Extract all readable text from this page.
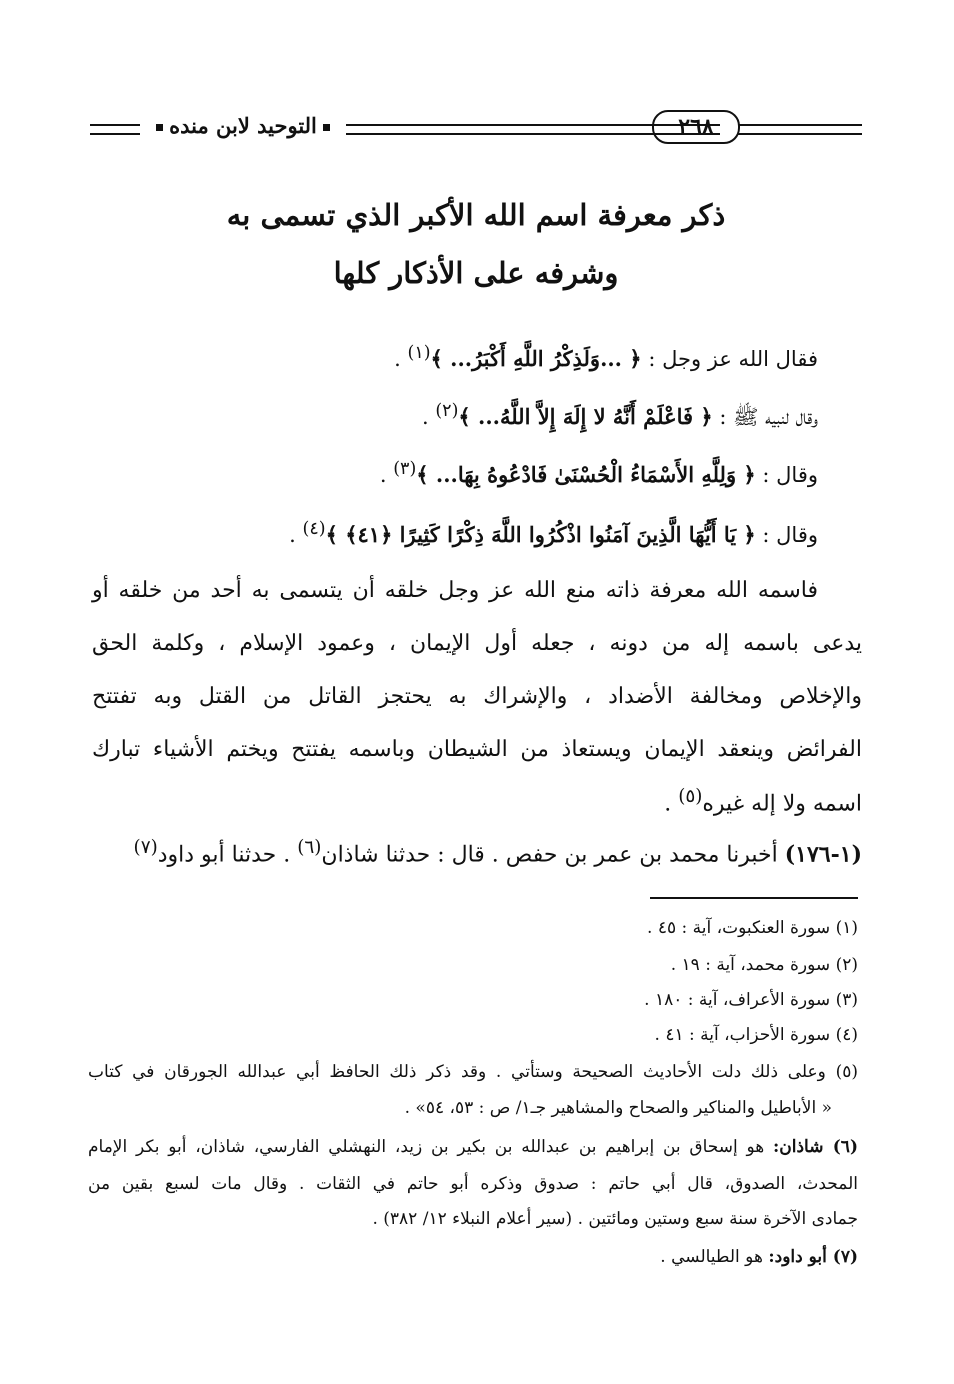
٢٦٨
التوحيد لابن منده
ذكر معرفة اسم الله الأكبر الذي تسمى به
وشرفه على الأذكار كلها
فقال الله عز وجل : ﴿ ...وَلَذِكْرُ اللَّهِ أَكْبَرُ... ﴾$^{(١)}$ .
وقال لنبيه ﷺ : ﴿ فَاعْلَمْ أَنَّهُ لا إِلَهَ إِلاَّ اللَّهُ... ﴾$^{(٢)}$ .
وقال : ﴿ وَلِلَّهِ الأَسْمَاءُ الْحُسْنَىٰ فَادْعُوهُ بِهَا... ﴾$^{(٣)}$ .
وقال : ﴿ يَا أَيُّهَا الَّذِينَ آمَنُوا اذْكُرُوا اللَّهَ ذِكْرًا كَثِيرًا ﴿٤١﴾ ﴾$^{(٤)}$ .
فاسمه الله معرفة ذاته منع الله عز وجل خلقه أن يتسمى به أحد من خلقه أو
يدعى باسمه إله من دونه ، جعله أول الإيمان ، وعمود الإسلام ، وكلمة الحق
والإخلاص ومخالفة الأضداد ، والإشراك به يحتجز القاتل من القتل وبه تفتتح
الفرائض وينعقد الإيمان ويستعاذ من الشيطان وباسمه يفتتح ويختم الأشياء تبارك
اسمه ولا إله غيره$^{(٥)}$ .
(١-١٧٦) أخبرنا محمد بن عمر بن حفص . قال : حدثنا شاذان$^{(٦)}$ . حدثنا أبو داود$^{(٧)}$
(١) سورة العنكبوت، آية : ٤٥ .
(٢) سورة محمد، آية : ١٩ .
(٣) سورة الأعراف، آية : ١٨٠ .
(٤) سورة الأحزاب، آية : ٤١ .
(٥) وعلى ذلك دلت الأحاديث الصحيحة وستأتي . وقد ذكر ذلك الحافظ أبي عبدالله الجورقان في كتاب
« الأباطيل والمناكير والصحاح والمشاهير جـ١/ ص : ٥٣، ٥٤» .
(٦) شاذان: هو إسحاق بن إبراهيم بن عبدالله بن بكير بن زيد، النهشلي الفارسي، شاذان، أبو بكر الإمام
المحدث، الصدوق، قال أبي حاتم : صدوق وذكره أبو حاتم في الثقات . وقال مات لسبع بقين من
جمادى الآخرة سنة سبع وستين ومائتين . (سير أعلام النبلاء ١٢/ ٣٨٢) .
(٧) أبو داود: هو الطيالسي .
